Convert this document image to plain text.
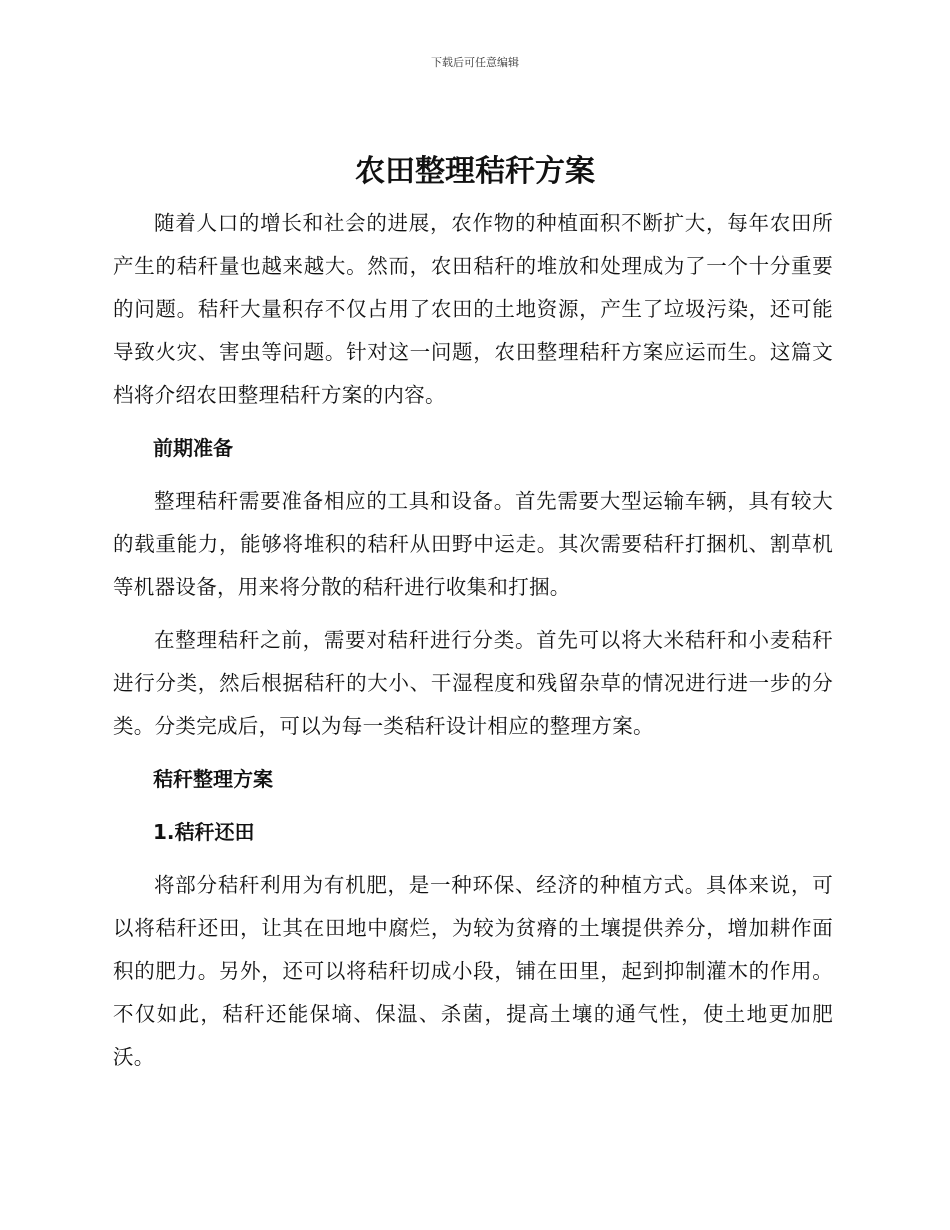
下载后可任意编辑
农田整理秸秆方案

随着人口的增长和社会的进展，农作物的种植面积不断扩大，每年农田所产生的秸秆量也越来越大。然而，农田秸秆的堆放和处理成为了一个十分重要的问题。秸秆大量积存不仅占用了农田的土地资源，产生了垃圾污染，还可能导致火灾、害虫等问题。针对这一问题，农田整理秸秆方案应运而生。这篇文档将介绍农田整理秸秆方案的内容。

前期准备

整理秸秆需要准备相应的工具和设备。首先需要大型运输车辆，具有较大的载重能力，能够将堆积的秸秆从田野中运走。其次需要秸秆打捆机、割草机等机器设备，用来将分散的秸秆进行收集和打捆。

在整理秸秆之前，需要对秸秆进行分类。首先可以将大米秸秆和小麦秸秆进行分类，然后根据秸秆的大小、干湿程度和残留杂草的情况进行进一步的分类。分类完成后，可以为每一类秸秆设计相应的整理方案。

秸秆整理方案
1.秸秆还田

将部分秸秆利用为有机肥，是一种环保、经济的种植方式。具体来说，可以将秸秆还田，让其在田地中腐烂，为较为贫瘠的土壤提供养分，增加耕作面积的肥力。另外，还可以将秸秆切成小段，铺在田里，起到抑制灌木的作用。不仅如此，秸秆还能保墒、保温、杀菌，提高土壤的通气性，使土地更加肥沃。
